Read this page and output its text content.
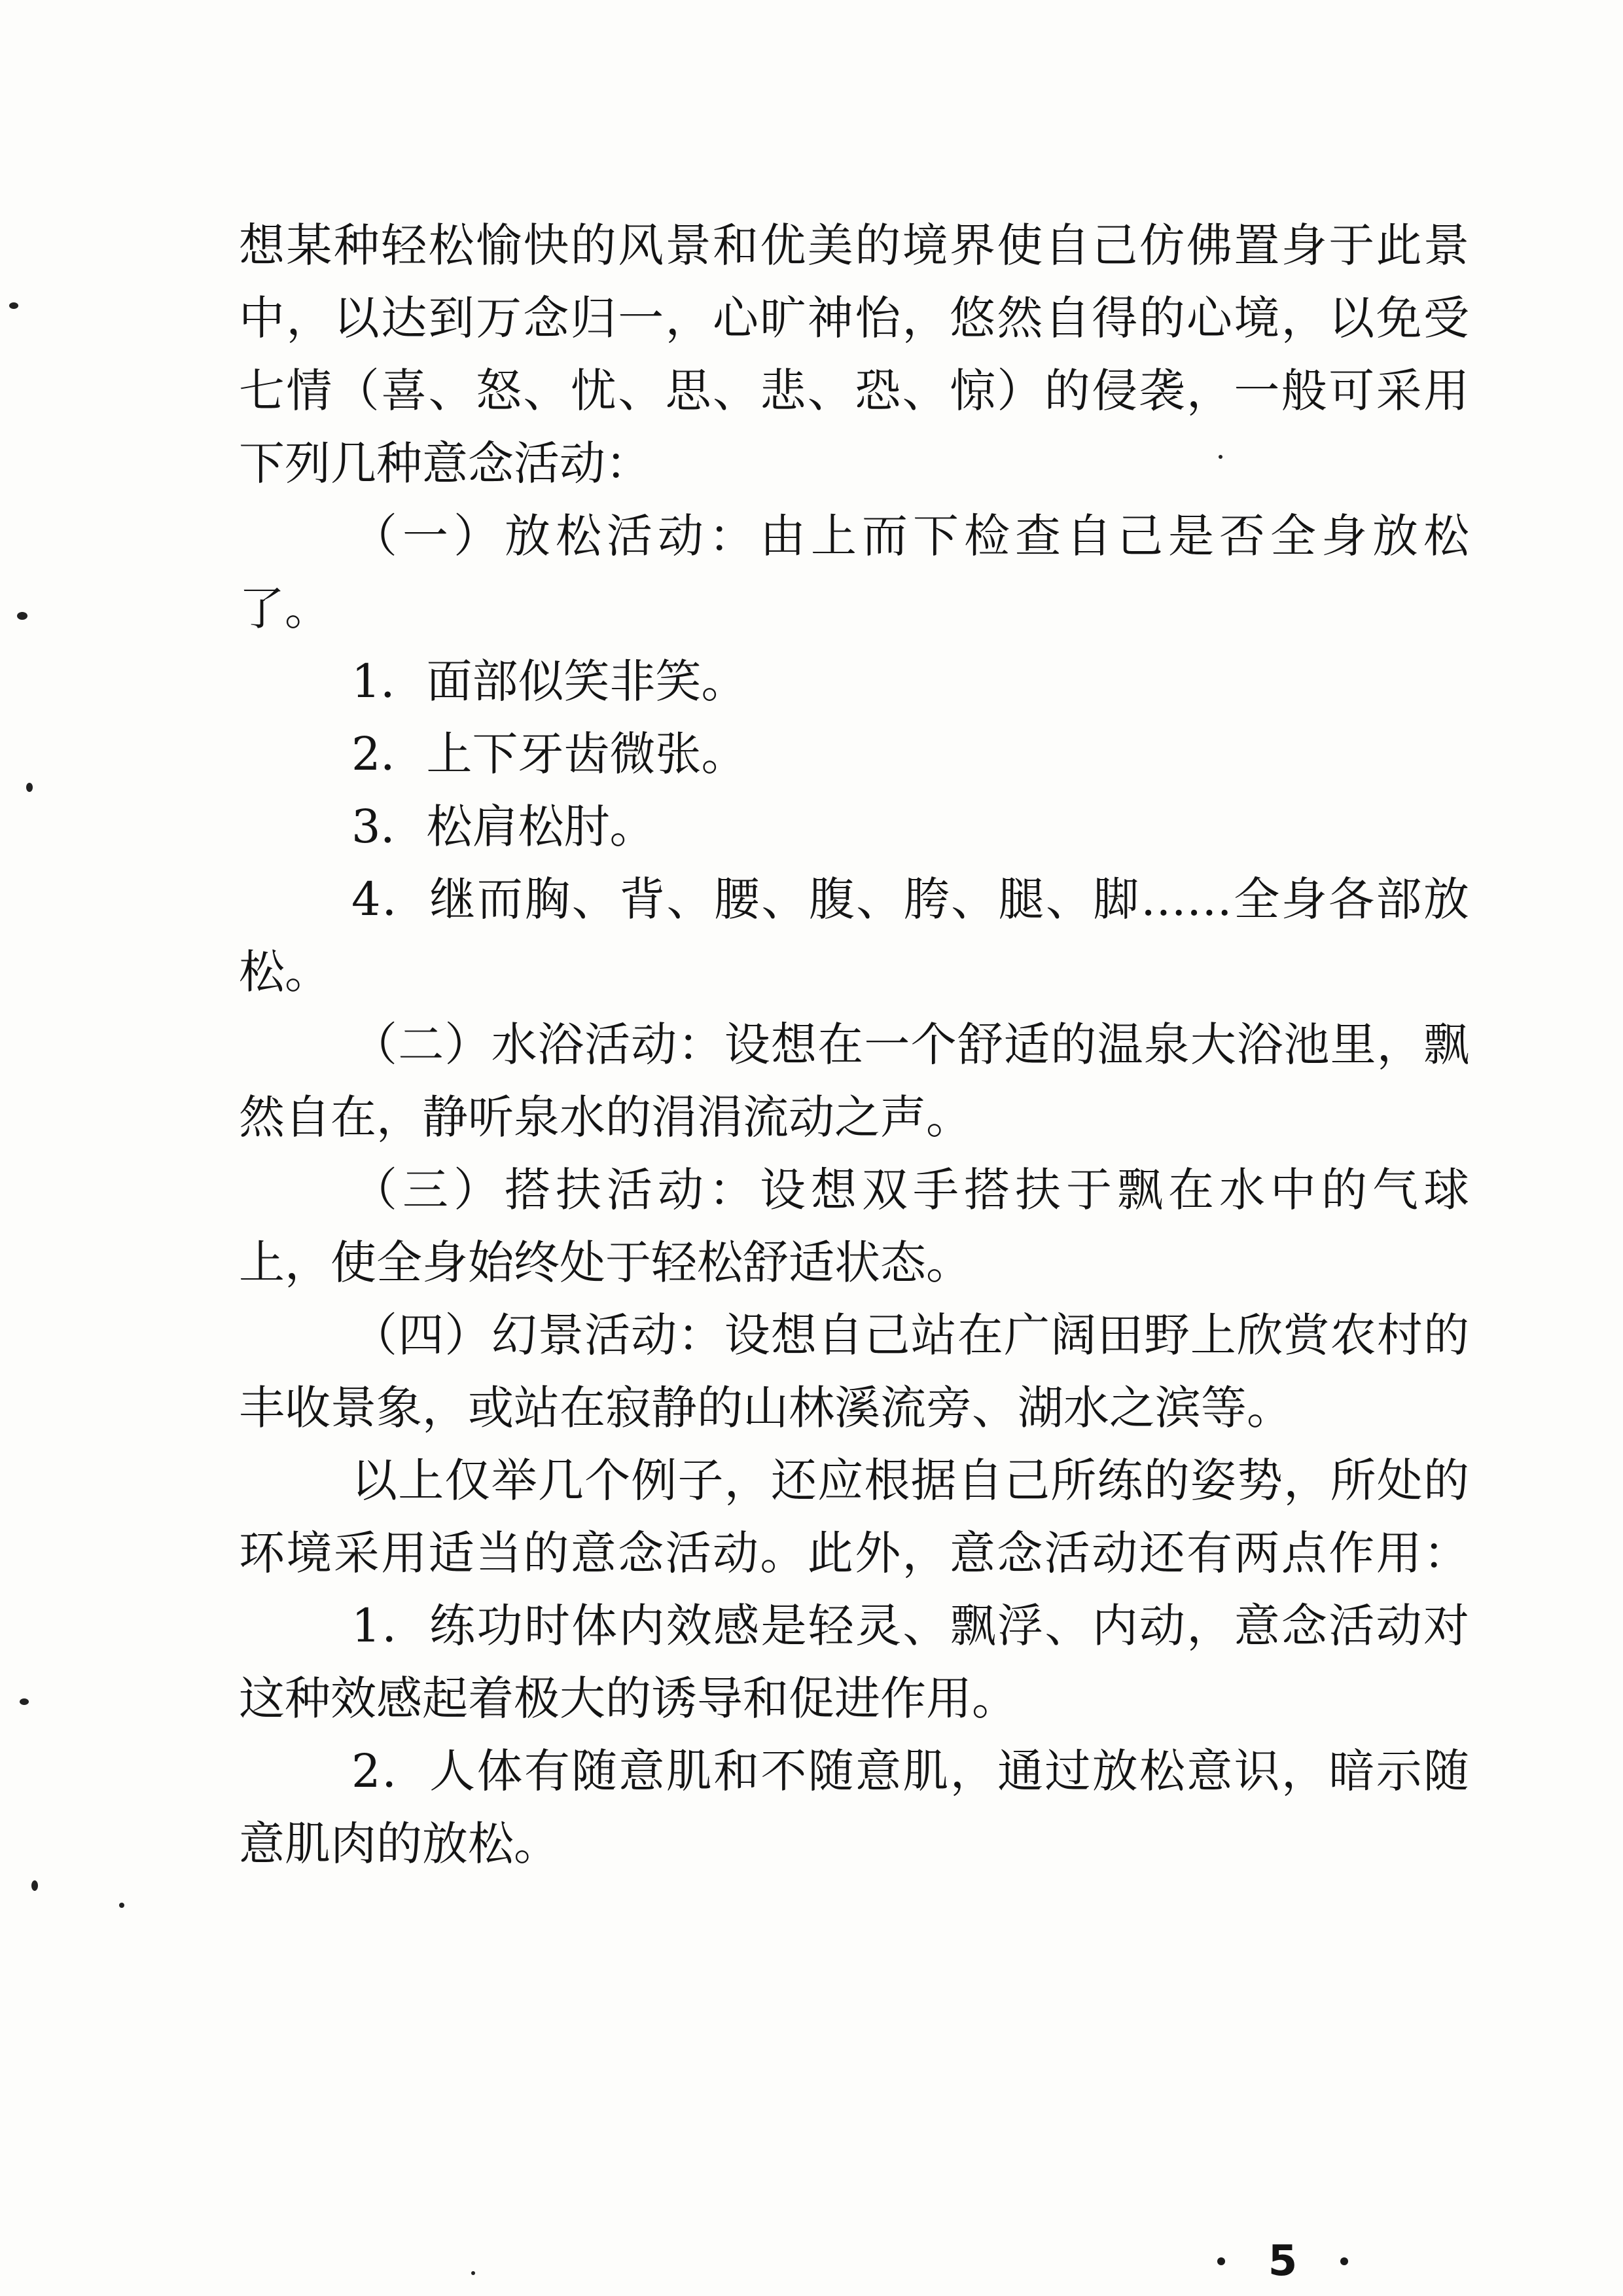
想某种轻松愉快的风景和优美的境界使自己仿佛置身于此景
中，以达到万念归一，心旷神怡，悠然自得的心境，以免受
七情（喜、怒、忧、思、悲、恐、惊）的侵袭，一般可采用
下列几种意念活动：
（一）放松活动：由上而下检查自己是否全身放松
了。
1．面部似笑非笑。
2．上下牙齿微张。
3．松肩松肘。
4．继而胸、背、腰、腹、胯、腿、脚……全身各部放
松。
（二）水浴活动：设想在一个舒适的温泉大浴池里，飘
然自在，静听泉水的涓涓流动之声。
（三）搭扶活动：设想双手搭扶于飘在水中的气球
上，使全身始终处于轻松舒适状态。
（四）幻景活动：设想自己站在广阔田野上欣赏农村的
丰收景象，或站在寂静的山林溪流旁、湖水之滨等。
以上仅举几个例子，还应根据自己所练的姿势，所处的
环境采用适当的意念活动。此外，意念活动还有两点作用：
1．练功时体内效感是轻灵、飘浮、内动，意念活动对
这种效感起着极大的诱导和促进作用。
2．人体有随意肌和不随意肌，通过放松意识，暗示随
意肌肉的放松。
5
